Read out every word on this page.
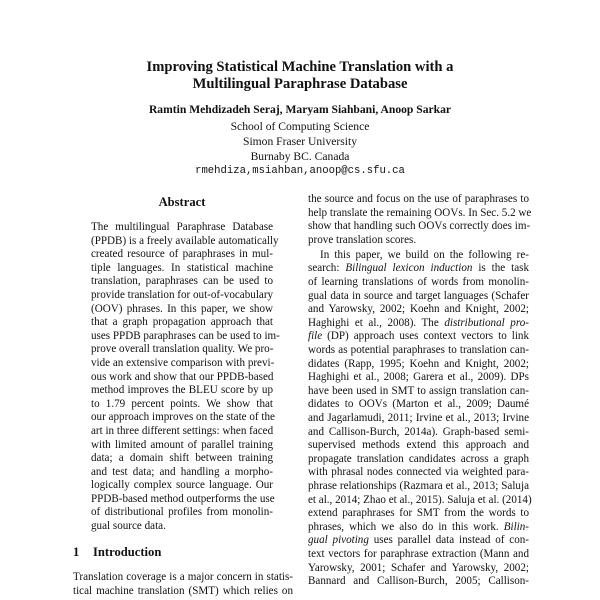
Improving Statistical Machine Translation with a
Multilingual Paraphrase Database
Ramtin Mehdizadeh Seraj, Maryam Siahbani, Anoop Sarkar
School of Computing Science
Simon Fraser University
Burnaby BC. Canada
rmehdiza,msiahban,anoop@cs.sfu.ca
Abstract
The multilingual Paraphrase Database
(PPDB) is a freely available automatically
created resource of paraphrases in mul-
tiple languages. In statistical machine
translation, paraphrases can be used to
provide translation for out-of-vocabulary
(OOV) phrases. In this paper, we show
that a graph propagation approach that
uses PPDB paraphrases can be used to im-
prove overall translation quality. We pro-
vide an extensive comparison with previ-
ous work and show that our PPDB-based
method improves the BLEU score by up
to 1.79 percent points. We show that
our approach improves on the state of the
art in three different settings: when faced
with limited amount of parallel training
data; a domain shift between training
and test data; and handling a morpho-
logically complex source language. Our
PPDB-based method outperforms the use
of distributional profiles from monolin-
gual source data.
1 Introduction
Translation coverage is a major concern in statis-
tical machine translation (SMT) which relies on
the source and focus on the use of paraphrases to
help translate the remaining OOVs. In Sec. 5.2 we
show that handling such OOVs correctly does im-
prove translation scores.
In this paper, we build on the following re-
search: Bilingual lexicon induction is the task
of learning translations of words from monolin-
gual data in source and target languages (Schafer
and Yarowsky, 2002; Koehn and Knight, 2002;
Haghighi et al., 2008). The distributional pro-
file (DP) approach uses context vectors to link
words as potential paraphrases to translation can-
didates (Rapp, 1995; Koehn and Knight, 2002;
Haghighi et al., 2008; Garera et al., 2009). DPs
have been used in SMT to assign translation can-
didates to OOVs (Marton et al., 2009; Daumé
and Jagarlamudi, 2011; Irvine et al., 2013; Irvine
and Callison-Burch, 2014a). Graph-based semi-
supervised methods extend this approach and
propagate translation candidates across a graph
with phrasal nodes connected via weighted para-
phrase relationships (Razmara et al., 2013; Saluja
et al., 2014; Zhao et al., 2015). Saluja et al. (2014)
extend paraphrases for SMT from the words to
phrases, which we also do in this work. Bilin-
gual pivoting uses parallel data instead of con-
text vectors for paraphrase extraction (Mann and
Yarowsky, 2001; Schafer and Yarowsky, 2002;
Bannard and Callison-Burch, 2005; Callison-
